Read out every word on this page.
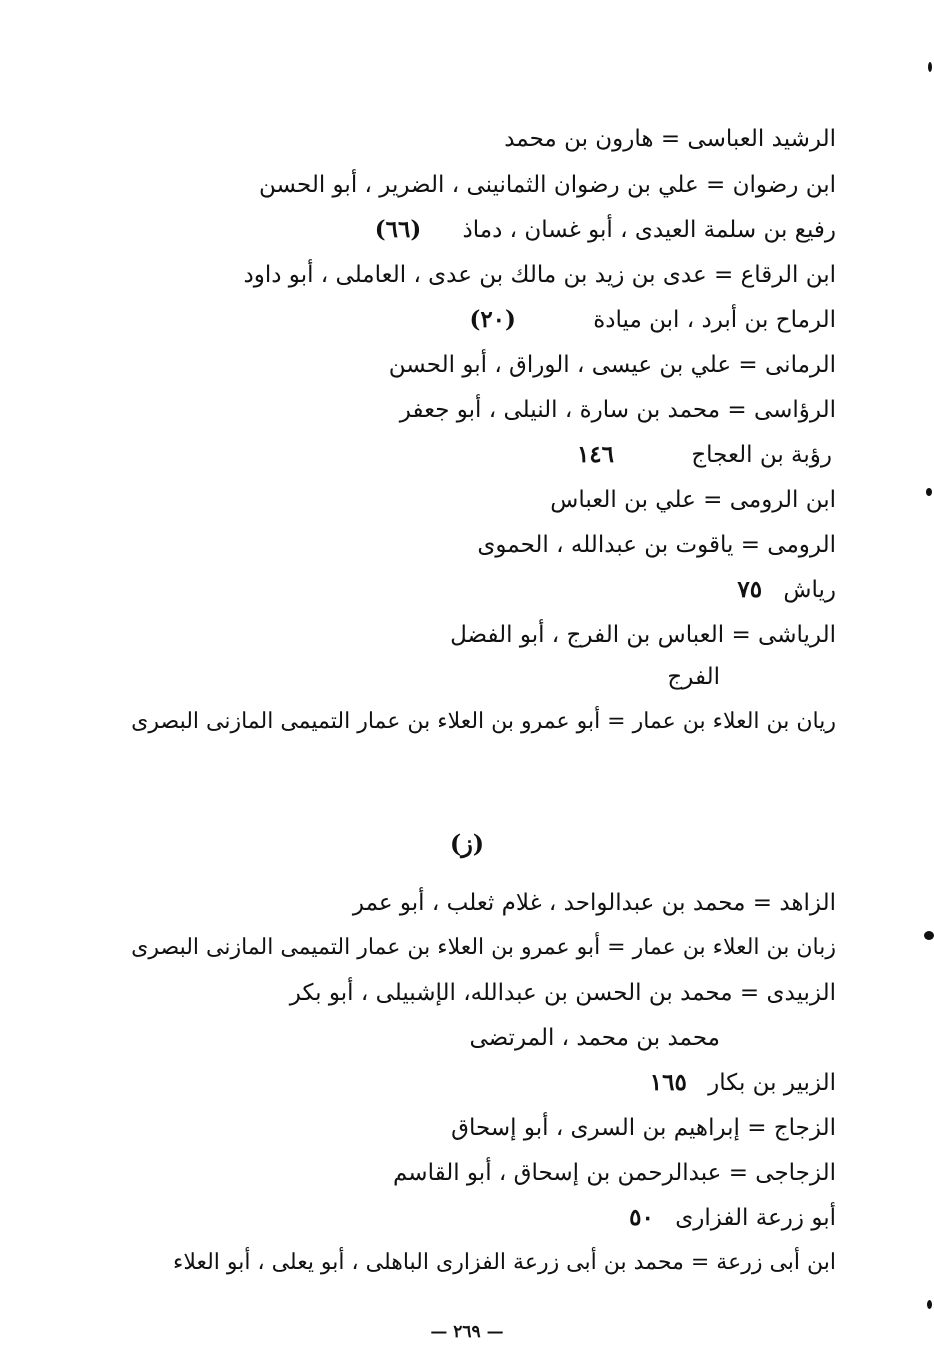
الرشيد العباسى = هارون بن محمد
ابن رضوان = علي بن رضوان الثمانينى ، الضرير ، أبو الحسن
رفيع بن سلمة العيدى ، أبو غسان ، دماذ (٦٦)
ابن الرقاع = عدى بن زيد بن مالك بن عدى ، العاملى ، أبو داود
الرماح بن أبرد ، ابن ميادة (٢٠)
الرمانى = علي بن عيسى ، الوراق ، أبو الحسن
الرؤاسى = محمد بن سارة ، النيلى ، أبو جعفر
رؤبة بن العجاج ١٤٦
ابن الرومى = علي بن العباس
الرومى = ياقوت بن عبدالله ، الحموى
رياش ٧٥
الرياشى = العباس بن الفرج ، أبو الفضل
الفرج
ريان بن العلاء بن عمار = أبو عمرو بن العلاء بن عمار التميمى المازنى البصرى
(ز)
الزاهد = محمد بن عبدالواحد ، غلام ثعلب ، أبو عمر
زبان بن العلاء بن عمار = أبو عمرو بن العلاء بن عمار التميمى المازنى البصرى
الزبيدى = محمد بن الحسن بن عبدالله، الإشبيلى ، أبو بكر
محمد بن محمد ، المرتضى
الزبير بن بكار ١٦٥
الزجاج = إبراهيم بن السرى ، أبو إسحاق
الزجاجى = عبدالرحمن بن إسحاق ، أبو القاسم
أبو زرعة الفزارى ٥٠
ابن أبى زرعة = محمد بن أبى زرعة الفزارى الباهلى ، أبو يعلى ، أبو العلاء
— ٢٦٩ —
